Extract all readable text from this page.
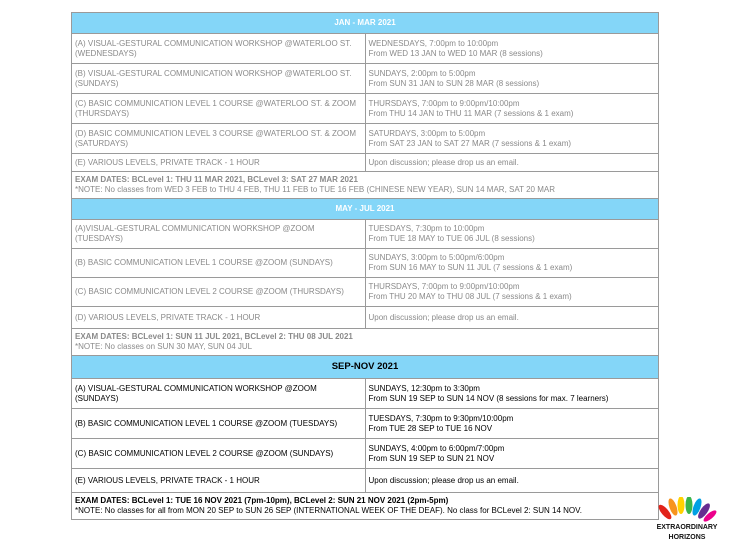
JAN - MAR 2021	
(A) VISUAL-GESTURAL COMMUNICATION WORKSHOP @WATERLOO ST. (WEDNESDAYS)	WEDNESDAYS, 7:00pm to 10:00pm
From WED 13 JAN to WED 10 MAR (8 sessions)

(B) VISUAL-GESTURAL COMMUNICATION WORKSHOP @WATERLOO ST. (SUNDAYS)	SUNDAYS, 2:00pm to 5:00pm
From SUN 31 JAN to SUN 28 MAR (8 sessions)

(C) BASIC COMMUNICATION LEVEL 1 COURSE @WATERLOO ST. & ZOOM (THURSDAYS)	THURSDAYS, 7:00pm to 9:00pm/10:00pm
From THU 14 JAN to THU 11 MAR (7 sessions & 1 exam)

(D) BASIC COMMUNICATION LEVEL 3 COURSE @WATERLOO ST. & ZOOM (SATURDAYS)	SATURDAYS, 3:00pm to 5:00pm
From SAT 23 JAN to SAT 27 MAR (7 sessions & 1 exam)

(E) VARIOUS LEVELS, PRIVATE TRACK - 1 HOUR	Upon discussion; please drop us an email.

EXAM DATES: BCLevel 1: THU 11 MAR 2021, BCLevel 3: SAT 27 MAR 2021
*NOTE: No classes from WED 3 FEB to THU 4 FEB, THU 11 FEB to TUE 16 FEB (CHINESE NEW YEAR), SUN 14 MAR, SAT 20 MAR	

MAY - JUL 2021	
(A)VISUAL-GESTURAL COMMUNICATION WORKSHOP @ZOOM (TUESDAYS)	TUESDAYS, 7:30pm to 10:00pm
From TUE 18 MAY to TUE 06 JUL (8 sessions)

(B) BASIC COMMUNICATION LEVEL 1 COURSE @ZOOM (SUNDAYS)	SUNDAYS, 3:00pm to 5:00pm/6:00pm
From SUN 16 MAY to SUN 11 JUL (7 sessions & 1 exam)

(C) BASIC COMMUNICATION LEVEL 2 COURSE @ZOOM (THURSDAYS)	THURSDAYS, 7:00pm to 9:00pm/10:00pm
From THU 20 MAY to THU 08 JUL (7 sessions & 1 exam)

(D) VARIOUS LEVELS, PRIVATE TRACK - 1 HOUR	Upon discussion; please drop us an email.

EXAM DATES: BCLevel 1: SUN 11 JUL 2021, BCLevel 2: THU 08 JUL 2021
*NOTE: No classes on SUN 30 MAY, SUN 04 JUL	

SEP-NOV 2021	
(A) VISUAL-GESTURAL COMMUNICATION WORKSHOP @ZOOM (SUNDAYS)	SUNDAYS, 12:30pm to 3:30pm
From SUN 19 SEP to SUN 14 NOV (8 sessions for max. 7 learners)

(B) BASIC COMMUNICATION LEVEL 1 COURSE @ZOOM (TUESDAYS)	TUESDAYS, 7:30pm to 9:30pm/10:00pm
From TUE 28 SEP to TUE 16 NOV

(C) BASIC COMMUNICATION LEVEL 2 COURSE @ZOOM (SUNDAYS)	SUNDAYS, 4:00pm to 6:00pm/7:00pm
From SUN 19 SEP to SUN 21 NOV

(E) VARIOUS LEVELS, PRIVATE TRACK - 1 HOUR	Upon discussion; please drop us an email.

EXAM DATES: BCLevel 1: TUE 16 NOV 2021 (7pm-10pm), BCLevel 2: SUN 21 NOV 2021 (2pm-5pm)
*NOTE: No classes for all from MON 20 SEP to SUN 26 SEP (INTERNATIONAL WEEK OF THE DEAF). No class for BCLevel 2: SUN 14 NOV.	
EXTRAORDINARY
HORIZONS
